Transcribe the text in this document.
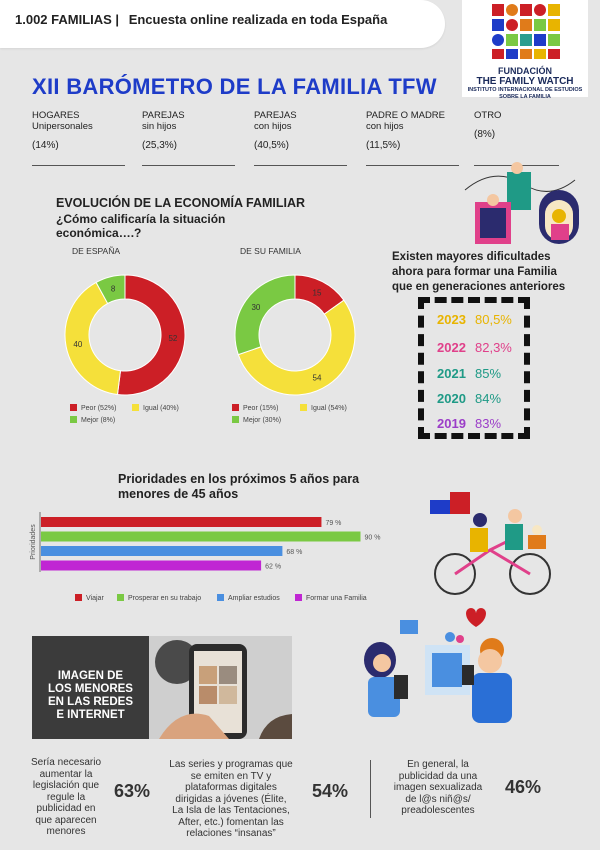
1.002 FAMILIAS | Encuesta online realizada en toda España
FUNDACIÓN
THE FAMILY WATCH
INSTITUTO INTERNACIONAL DE ESTUDIOS
SOBRE LA FAMILIA
XII BARÓMETRO DE LA FAMILIA TFW
HOGARES
Unipersonales
(14%)
PAREJAS
sin hijos
(25,3%)
PAREJAS
con hijos
(40,5%)
PADRE O MADRE
con hijos
(11,5%)
OTRO
(8%)
EVOLUCIÓN DE LA ECONOMÍA FAMILIAR
¿Cómo calificaría la situación
económica….?
DE ESPAÑA	DE SU FAMILIA
52
40
8	15
54
30
Peor (52%)	Igual (40%)
Mejor (8%)
Peor (15%)	Igual (54%)
Mejor (30%)
Existen mayores dificultades
ahora para formar una Familia
que en generaciones anteriores
2023 80,5%
2022 82,3%
2021 85%
2020 84%
2019 83%
Prioridades en los próximos 5 años para
menores de 45 años
Prioridades
79 %
90 %
68 %
62 %
Viajar	Prosperar en su trabajo	Ampliar estudios	Formar una Familia
IMAGEN DE
LOS MENORES
EN LAS REDES
E INTERNET
Sería necesario
aumentar la
legislación que
regule la
publicidad en
que aparecen
menores
63%
Las series y programas que
se emiten en TV y
plataformas digitales
dirigidas a jóvenes (Élite,
La Isla de las Tentaciones,
After, etc.) fomentan las
relaciones “insanas”
54%
En general, la
publicidad da una
imagen sexualizada
de l@s niñ@s/
preadolescentes
46%
